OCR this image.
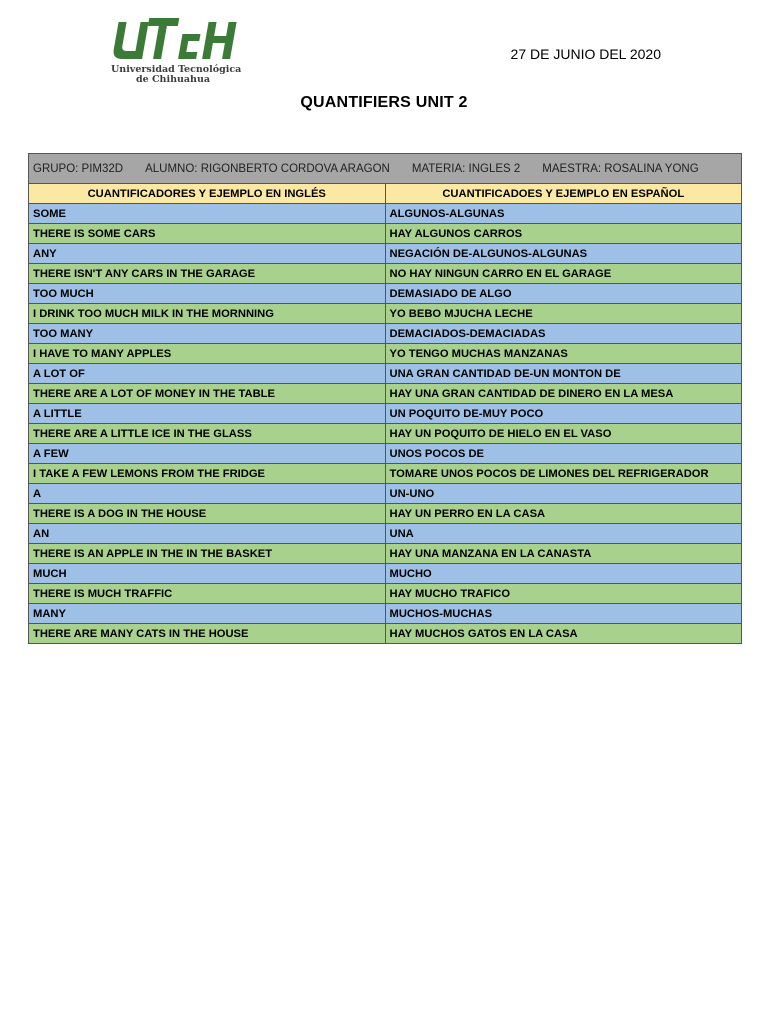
Universidad Tecnológica
de Chihuahua
27 DE JUNIO DEL 2020
QUANTIFIERS UNIT 2
GRUPO: PIM32D ALUMNO: RIGONBERTO CORDOVA ARAGON MATERIA: INGLES 2 MAESTRA: ROSALINA YONG	
CUANTIFICADORES Y EJEMPLO EN INGLÉS	CUANTIFICADOES Y EJEMPLO EN ESPAÑOL
SOME	ALGUNOS-ALGUNAS
THERE IS SOME CARS	HAY ALGUNOS CARROS
ANY	NEGACIÓN DE-ALGUNOS-ALGUNAS
THERE ISN'T ANY CARS IN THE GARAGE	NO HAY NINGUN CARRO EN EL GARAGE
TOO MUCH	DEMASIADO DE ALGO
I DRINK TOO MUCH MILK IN THE MORNNING	YO BEBO MJUCHA LECHE
TOO MANY	DEMACIADOS-DEMACIADAS
I HAVE TO MANY APPLES	YO TENGO MUCHAS MANZANAS
A LOT OF	UNA GRAN CANTIDAD DE-UN MONTON DE
THERE ARE A LOT OF MONEY IN THE TABLE	HAY UNA GRAN CANTIDAD DE DINERO EN LA MESA
A LITTLE	UN POQUITO DE-MUY POCO
THERE ARE A LITTLE ICE IN THE GLASS	HAY UN POQUITO DE HIELO EN EL VASO
A FEW	UNOS POCOS DE
I TAKE A FEW LEMONS FROM THE FRIDGE	TOMARE UNOS POCOS DE LIMONES DEL REFRIGERADOR
A	UN-UNO
THERE IS A DOG IN THE HOUSE	HAY UN PERRO EN LA CASA
AN	UNA
THERE IS AN APPLE IN THE IN THE BASKET	HAY UNA MANZANA EN LA CANASTA
MUCH	MUCHO
THERE IS MUCH TRAFFIC	HAY MUCHO TRAFICO
MANY	MUCHOS-MUCHAS
THERE ARE MANY CATS IN THE HOUSE	HAY MUCHOS GATOS EN LA CASA
